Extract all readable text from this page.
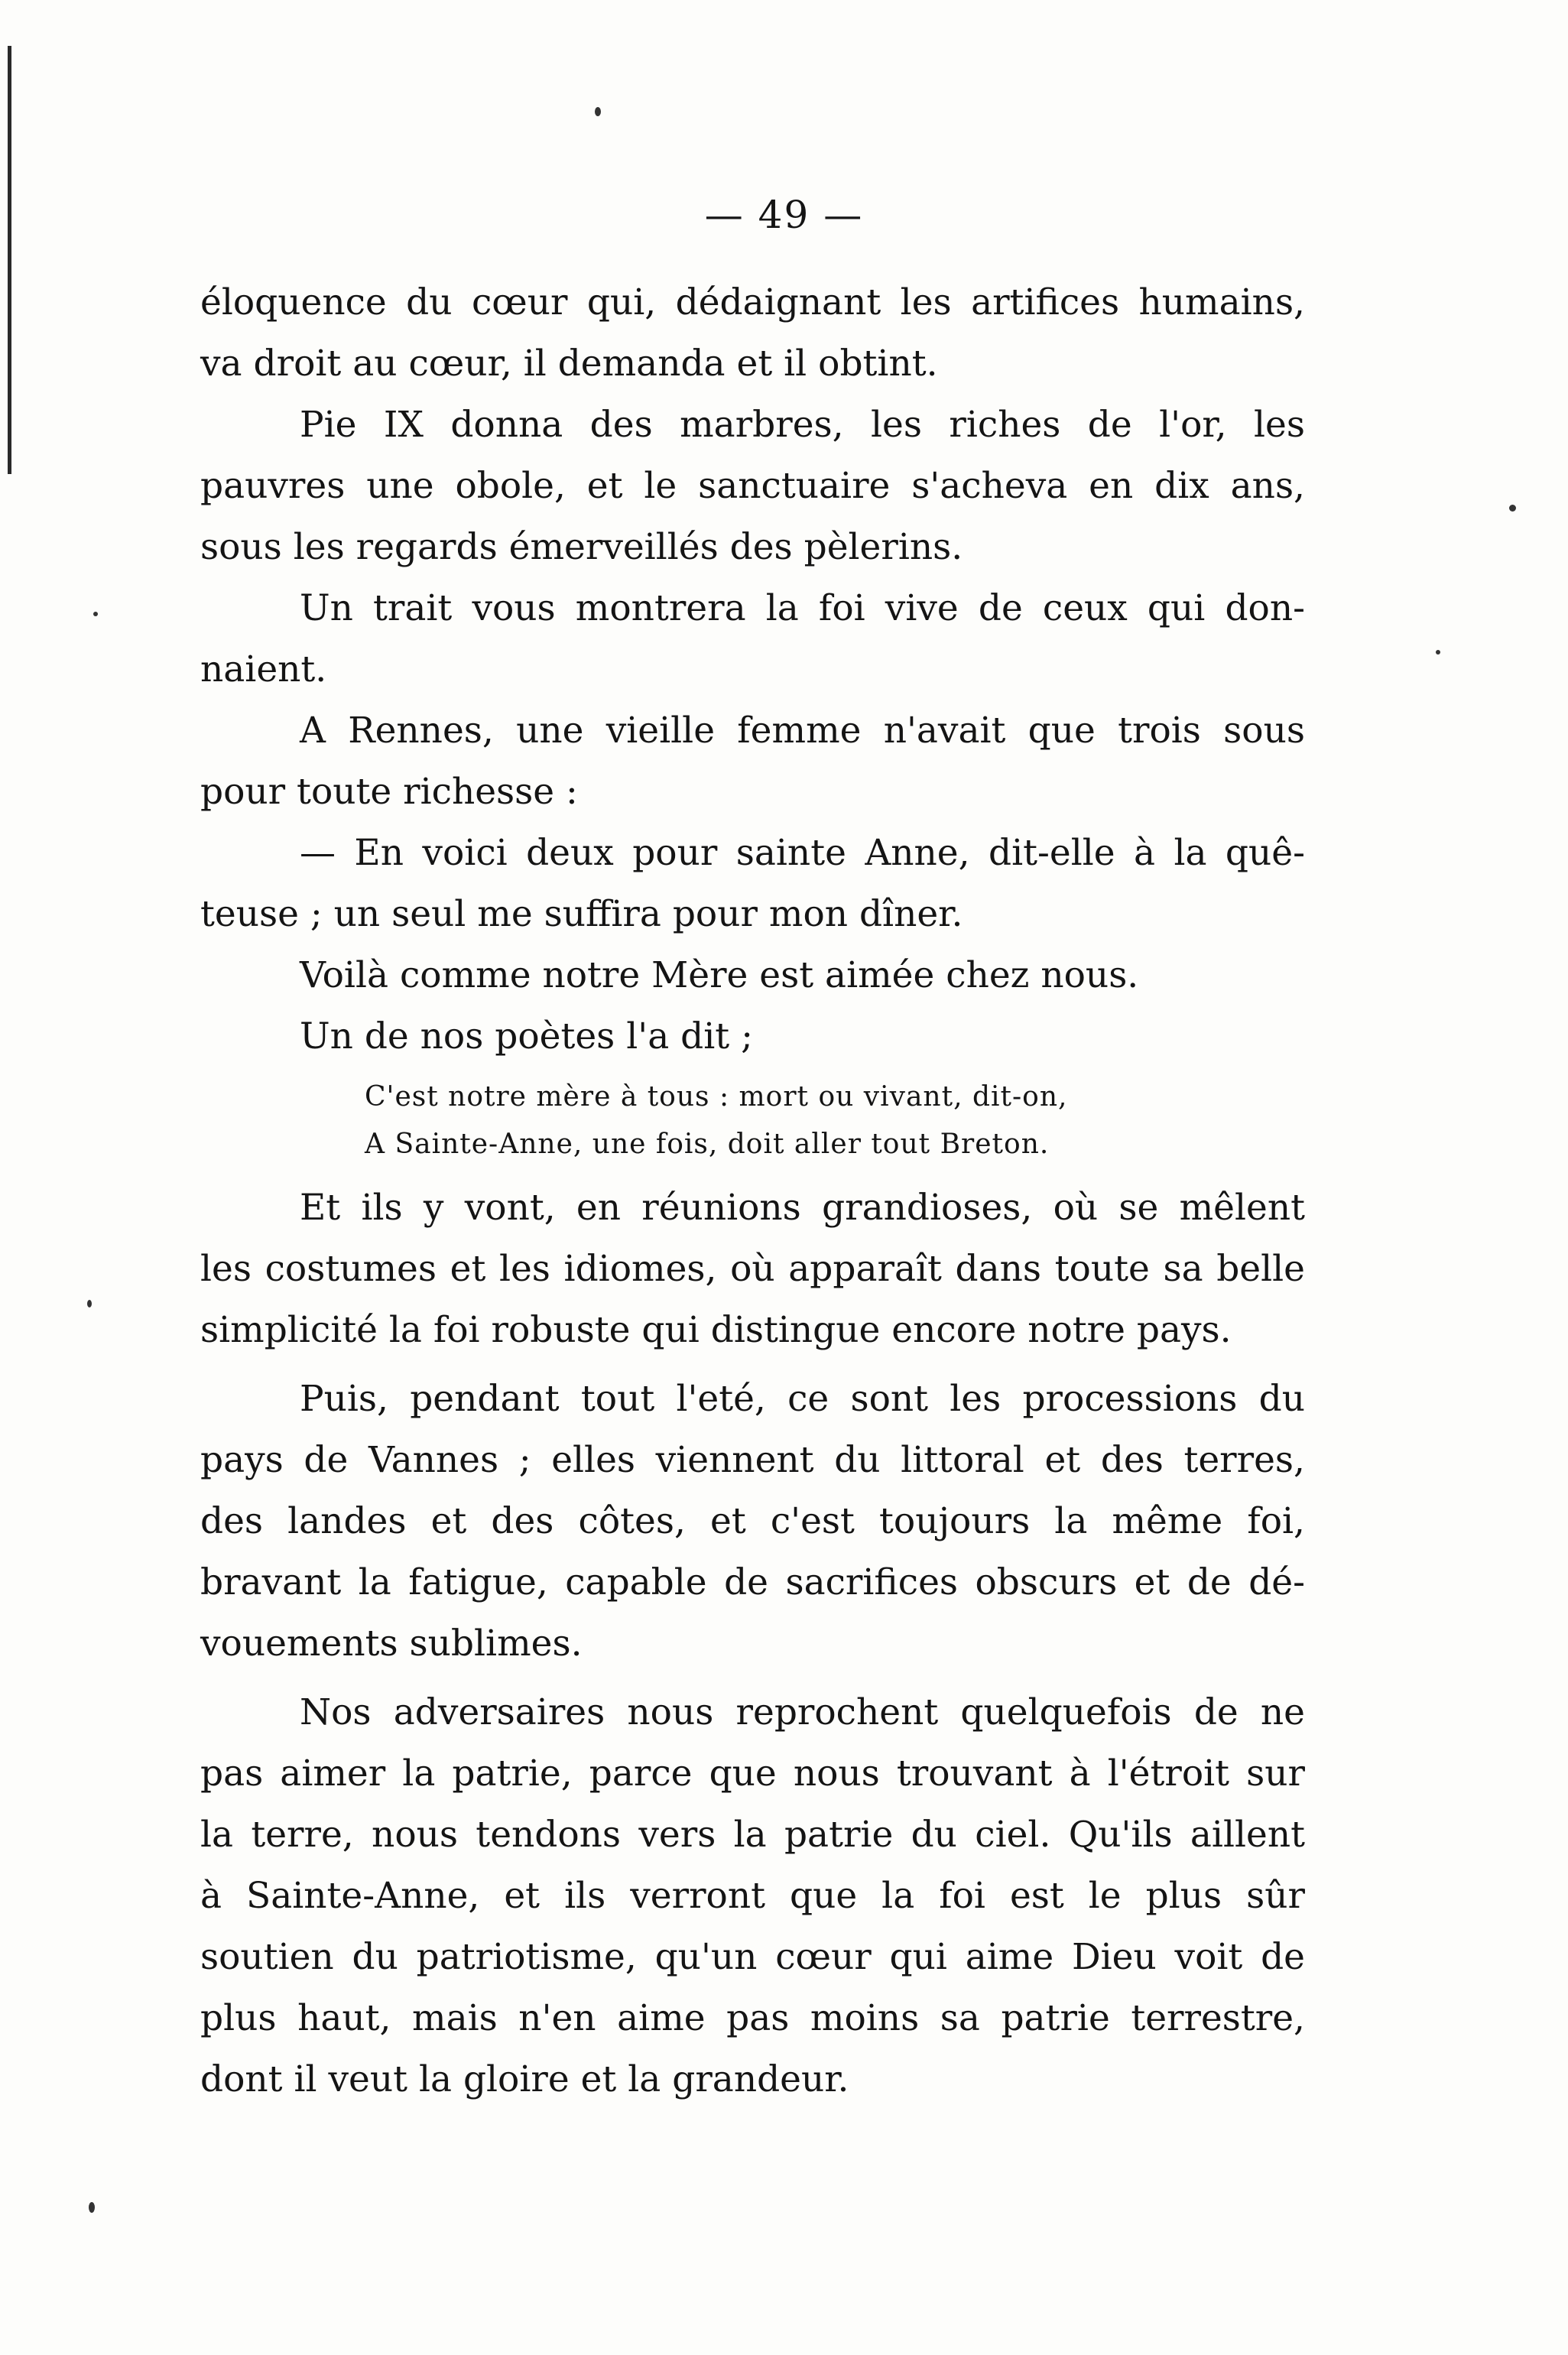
— 49 —
éloquence du cœur qui, dédaignant les artifices humains,
va droit au cœur, il demanda et il obtint.
Pie IX donna des marbres, les riches de l'or, les
pauvres une obole, et le sanctuaire s'acheva en dix ans,
sous les regards émerveillés des pèlerins.
Un trait vous montrera la foi vive de ceux qui don-
naient.
A Rennes, une vieille femme n'avait que trois sous
pour toute richesse :
— En voici deux pour sainte Anne, dit-elle à la quê-
teuse ; un seul me suffira pour mon dîner.
Voilà comme notre Mère est aimée chez nous.
Un de nos poètes l'a dit ;
C'est notre mère à tous : mort ou vivant, dit-on,
A Sainte-Anne, une fois, doit aller tout Breton.
Et ils y vont, en réunions grandioses, où se mêlent
les costumes et les idiomes, où apparaît dans toute sa belle
simplicité la foi robuste qui distingue encore notre pays.
Puis, pendant tout l'eté, ce sont les processions du
pays de Vannes ; elles viennent du littoral et des terres,
des landes et des côtes, et c'est toujours la même foi,
bravant la fatigue, capable de sacrifices obscurs et de dé-
vouements sublimes.
Nos adversaires nous reprochent quelquefois de ne
pas aimer la patrie, parce que nous trouvant à l'étroit sur
la terre, nous tendons vers la patrie du ciel. Qu'ils aillent
à Sainte-Anne, et ils verront que la foi est le plus sûr
soutien du patriotisme, qu'un cœur qui aime Dieu voit de
plus haut, mais n'en aime pas moins sa patrie terrestre,
dont il veut la gloire et la grandeur.
